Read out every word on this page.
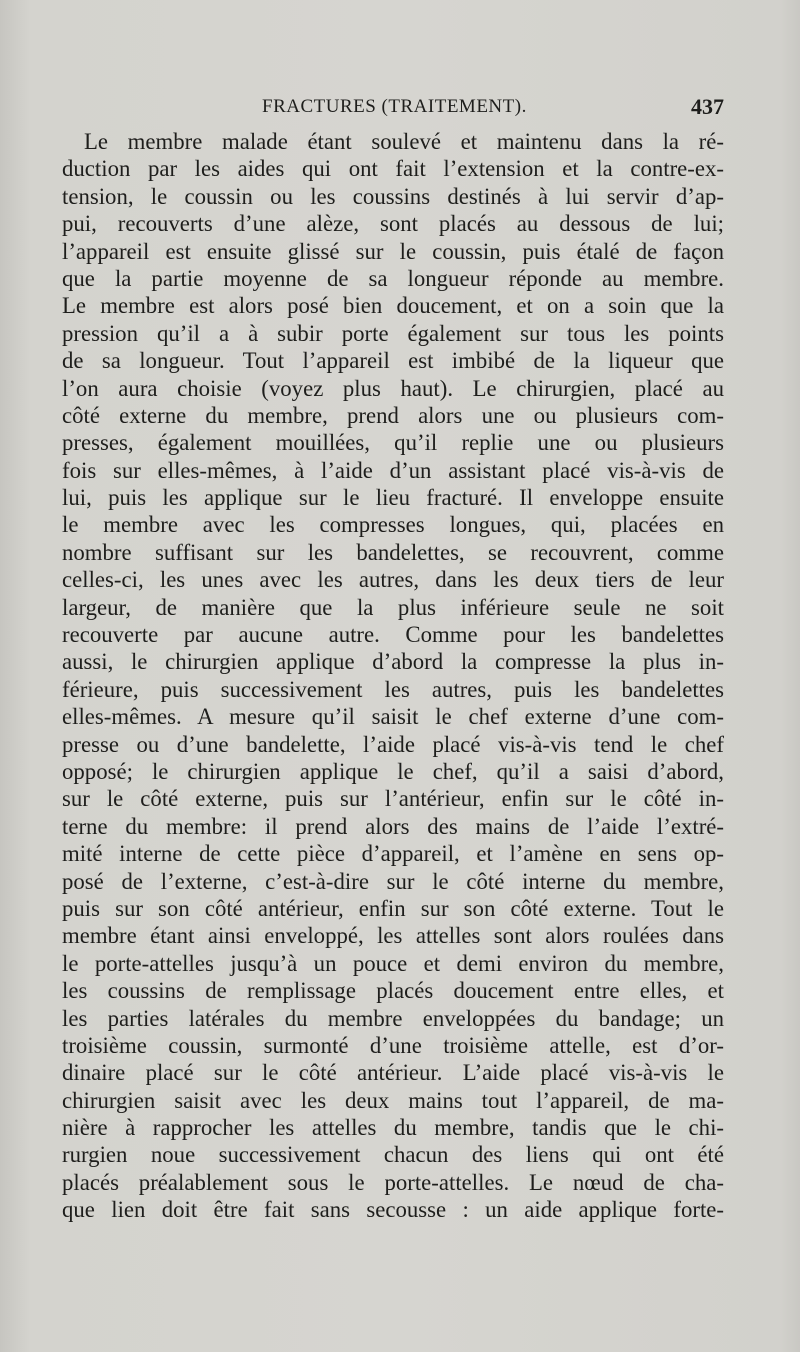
FRACTURES (TRAITEMENT).	437
Le membre malade étant soulevé et maintenu dans la ré-
duction par les aides qui ont fait l’extension et la contre-ex-
tension, le coussin ou les coussins destinés à lui servir d’ap-
pui, recouverts d’une alèze, sont placés au dessous de lui;
l’appareil est ensuite glissé sur le coussin, puis étalé de façon
que la partie moyenne de sa longueur réponde au membre.
Le membre est alors posé bien doucement, et on a soin que la
pression qu’il a à subir porte également sur tous les points
de sa longueur. Tout l’appareil est imbibé de la liqueur que
l’on aura choisie (voyez plus haut). Le chirurgien, placé au
côté externe du membre, prend alors une ou plusieurs com-
presses, également mouillées, qu’il replie une ou plusieurs
fois sur elles-mêmes, à l’aide d’un assistant placé vis-à-vis de
lui, puis les applique sur le lieu fracturé. Il enveloppe ensuite
le membre avec les compresses longues, qui, placées en
nombre suffisant sur les bandelettes, se recouvrent, comme
celles-ci, les unes avec les autres, dans les deux tiers de leur
largeur, de manière que la plus inférieure seule ne soit
recouverte par aucune autre. Comme pour les bandelettes
aussi, le chirurgien applique d’abord la compresse la plus in-
férieure, puis successivement les autres, puis les bandelettes
elles-mêmes. A mesure qu’il saisit le chef externe d’une com-
presse ou d’une bandelette, l’aide placé vis-à-vis tend le chef
opposé; le chirurgien applique le chef, qu’il a saisi d’abord,
sur le côté externe, puis sur l’antérieur, enfin sur le côté in-
terne du membre: il prend alors des mains de l’aide l’extré-
mité interne de cette pièce d’appareil, et l’amène en sens op-
posé de l’externe, c’est-à-dire sur le côté interne du membre,
puis sur son côté antérieur, enfin sur son côté externe. Tout le
membre étant ainsi enveloppé, les attelles sont alors roulées dans
le porte-attelles jusqu’à un pouce et demi environ du membre,
les coussins de remplissage placés doucement entre elles, et
les parties latérales du membre enveloppées du bandage; un
troisième coussin, surmonté d’une troisième attelle, est d’or-
dinaire placé sur le côté antérieur. L’aide placé vis-à-vis le
chirurgien saisit avec les deux mains tout l’appareil, de ma-
nière à rapprocher les attelles du membre, tandis que le chi-
rurgien noue successivement chacun des liens qui ont été
placés préalablement sous le porte-attelles. Le nœud de cha-
que lien doit être fait sans secousse : un aide applique forte-
